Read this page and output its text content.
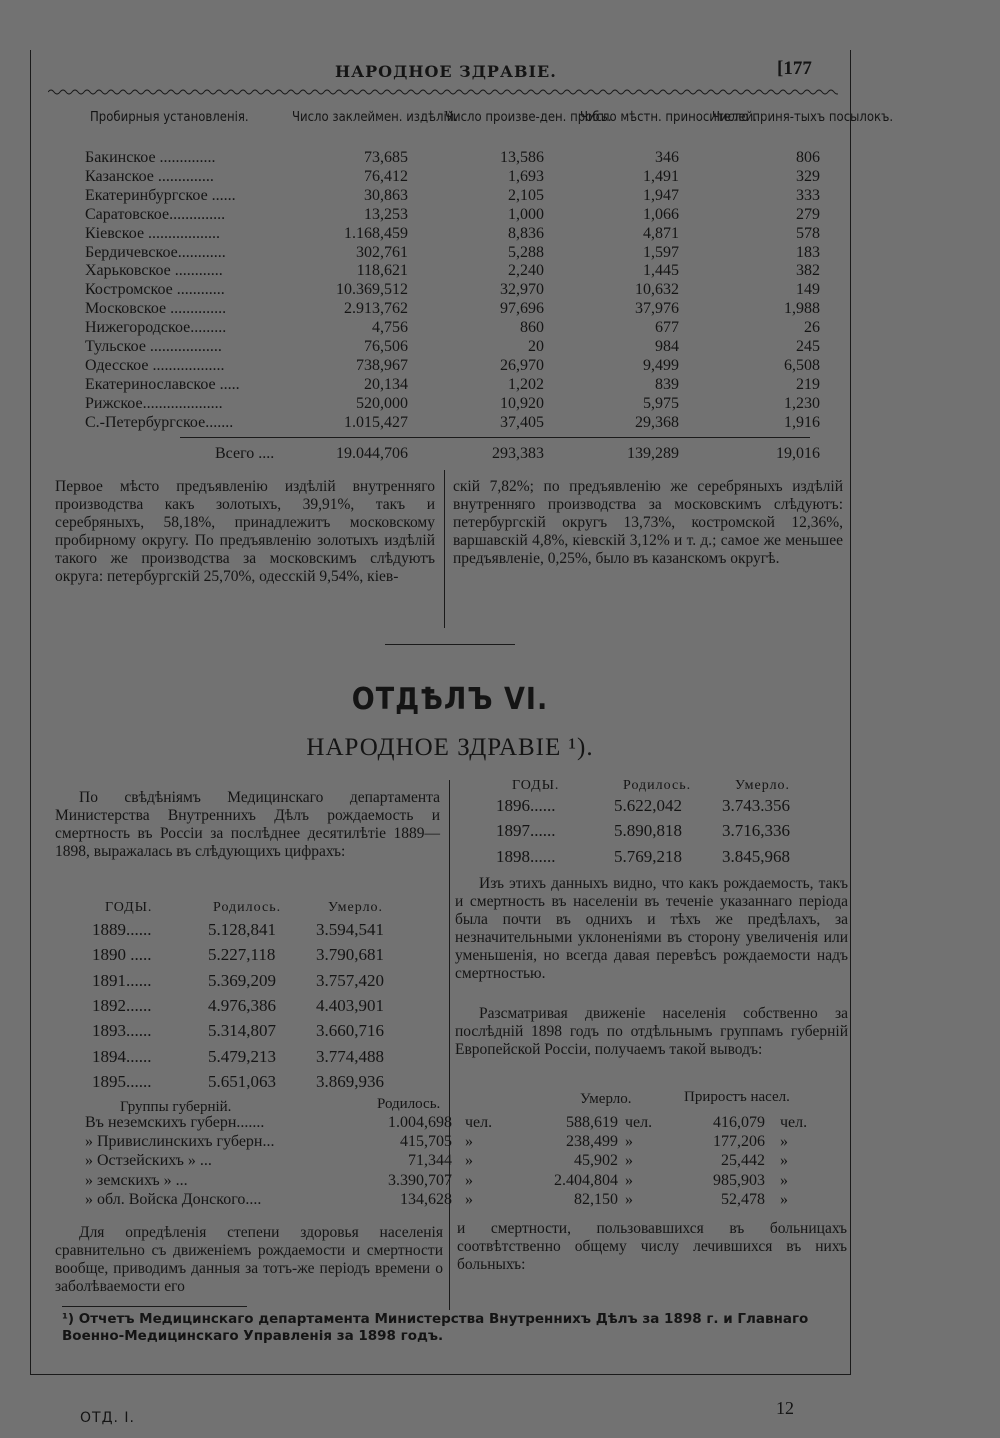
НАРОДНОЕ ЗДРАВІЕ.	[177
Пробирныя установленія.	Число заклеймен. издѣлій.
Число произве-ден. пробъ.
Число мѣстн. приносителей.
Число приня-тыхъ посылокъ.
Бакинское ..............	73,685	13,586	346	806
Казанское ..............	76,412	1,693	1,491	329
Екатеринбургское ......	30,863	2,105	1,947	333
Саратовское..............	13,253	1,000	1,066	279
Кіевское ..................	1.168,459	8,836	4,871	578
Бердичевское............	302,761	5,288	1,597	183
Харьковское ............	118,621	2,240	1,445	382
Костромское ............	10.369,512	32,970	10,632	149
Московское ..............	2.913,762	97,696	37,976	1,988
Нижегородское.........	4,756	860	677	26
Тульское ..................	76,506	20	984	245
Одесское ..................	738,967	26,970	9,499	6,508
Екатеринославское .....	20,134	1,202	839	219
Рижское....................	520,000	10,920	5,975	1,230
С.-Петербургское.......	1.015,427	37,405	29,368	1,916
Всего ....	19.044,706	293,383	139,289	19,016
Первое мѣсто предъявленію издѣлій внутренняго производства какъ золотыхъ, 39,91%, такъ и серебряныхъ, 58,18%, принадлежитъ московскому пробирному округу. По предъявленію золотыхъ издѣлій такого же производства за московскимъ слѣдуютъ округа: петербургскій 25,70%, одесскій 9,54%, кіев-
скій 7,82%; по предъявленію же серебряныхъ издѣлій внутренняго производства за московскимъ слѣдуютъ: петербургскій округъ 13,73%, костромской 12,36%, варшавскій 4,8%, кіевскій 3,12% и т. д.; самое же меньшее предъявленіе, 0,25%, было въ казанскомъ округѣ.
ОТДѢЛЪ VI.
НАРОДНОЕ ЗДРАВІЕ ¹).
По свѣдѣніямъ Медицинскаго департамента Министерства Внутреннихъ Дѣлъ рождаемость и смертность въ Россіи за послѣднее десятилѣтіе 1889—1898, выражалась въ слѣдующихъ цифрахъ:
ГОДЫ.	Родилось.	Умерло.
1889......	5.128,841 3.594,541
1890 .....	5.227,118 3.790,681
1891......	5.369,209 3.757,420
1892......	4.976,386 4.403,901
1893......	5.314,807 3.660,716
1894......	5.479,213 3.774,488
1895......	5.651,063 3.869,936
ГОДЫ.	Родилось.	Умерло.
1896......	5.622,042 3.743.356
1897......	5.890,818 3.716,336
1898......	5.769,218 3.845,968
Изъ этихъ данныхъ видно, что какъ рождаемость, такъ и смертность въ населеніи въ теченіе указаннаго періода была почти въ однихъ и тѣхъ же предѣлахъ, за незначительными уклоненіями въ сторону увеличенія или уменьшенія, но всегда давая перевѣсъ рождаемости надъ смертностью.
Разсматривая движеніе населенія собственно за послѣдній 1898 годъ по отдѣльнымъ группамъ губерній Европейской Россіи, получаемъ такой выводъ:
Группы губерній.	Родилось.	Умерло.	Приростъ насел.
Въ неземскихъ губерн.......	1.004,698 чел.	588,619 чел.	416,079 чел.
» Привислинскихъ губерн...	415,705 »	238,499 »	177,206 »
» Остзейскихъ » ...	71,344 »	45,902 »	25,442 »
» земскихъ » ...	3.390,707 »	2.404,804 »	985,903 »
» обл. Войска Донского....	134,628 »	82,150 »	52,478 »
Для опредѣленія степени здоровья населенія сравнительно съ движеніемъ рождаемости и смертности вообще, приводимъ данныя за тотъ-же періодъ времени о заболѣваемости его
и смертности, пользовавшихся въ больницахъ соотвѣтственно общему числу лечившихся въ нихъ больныхъ:
¹) Отчетъ Медицинскаго департамента Министерства Внутреннихъ Дѣлъ за 1898 г. и Главнаго Военно-Медицинскаго Управленія за 1898 годъ.
ОТД. I.	12
